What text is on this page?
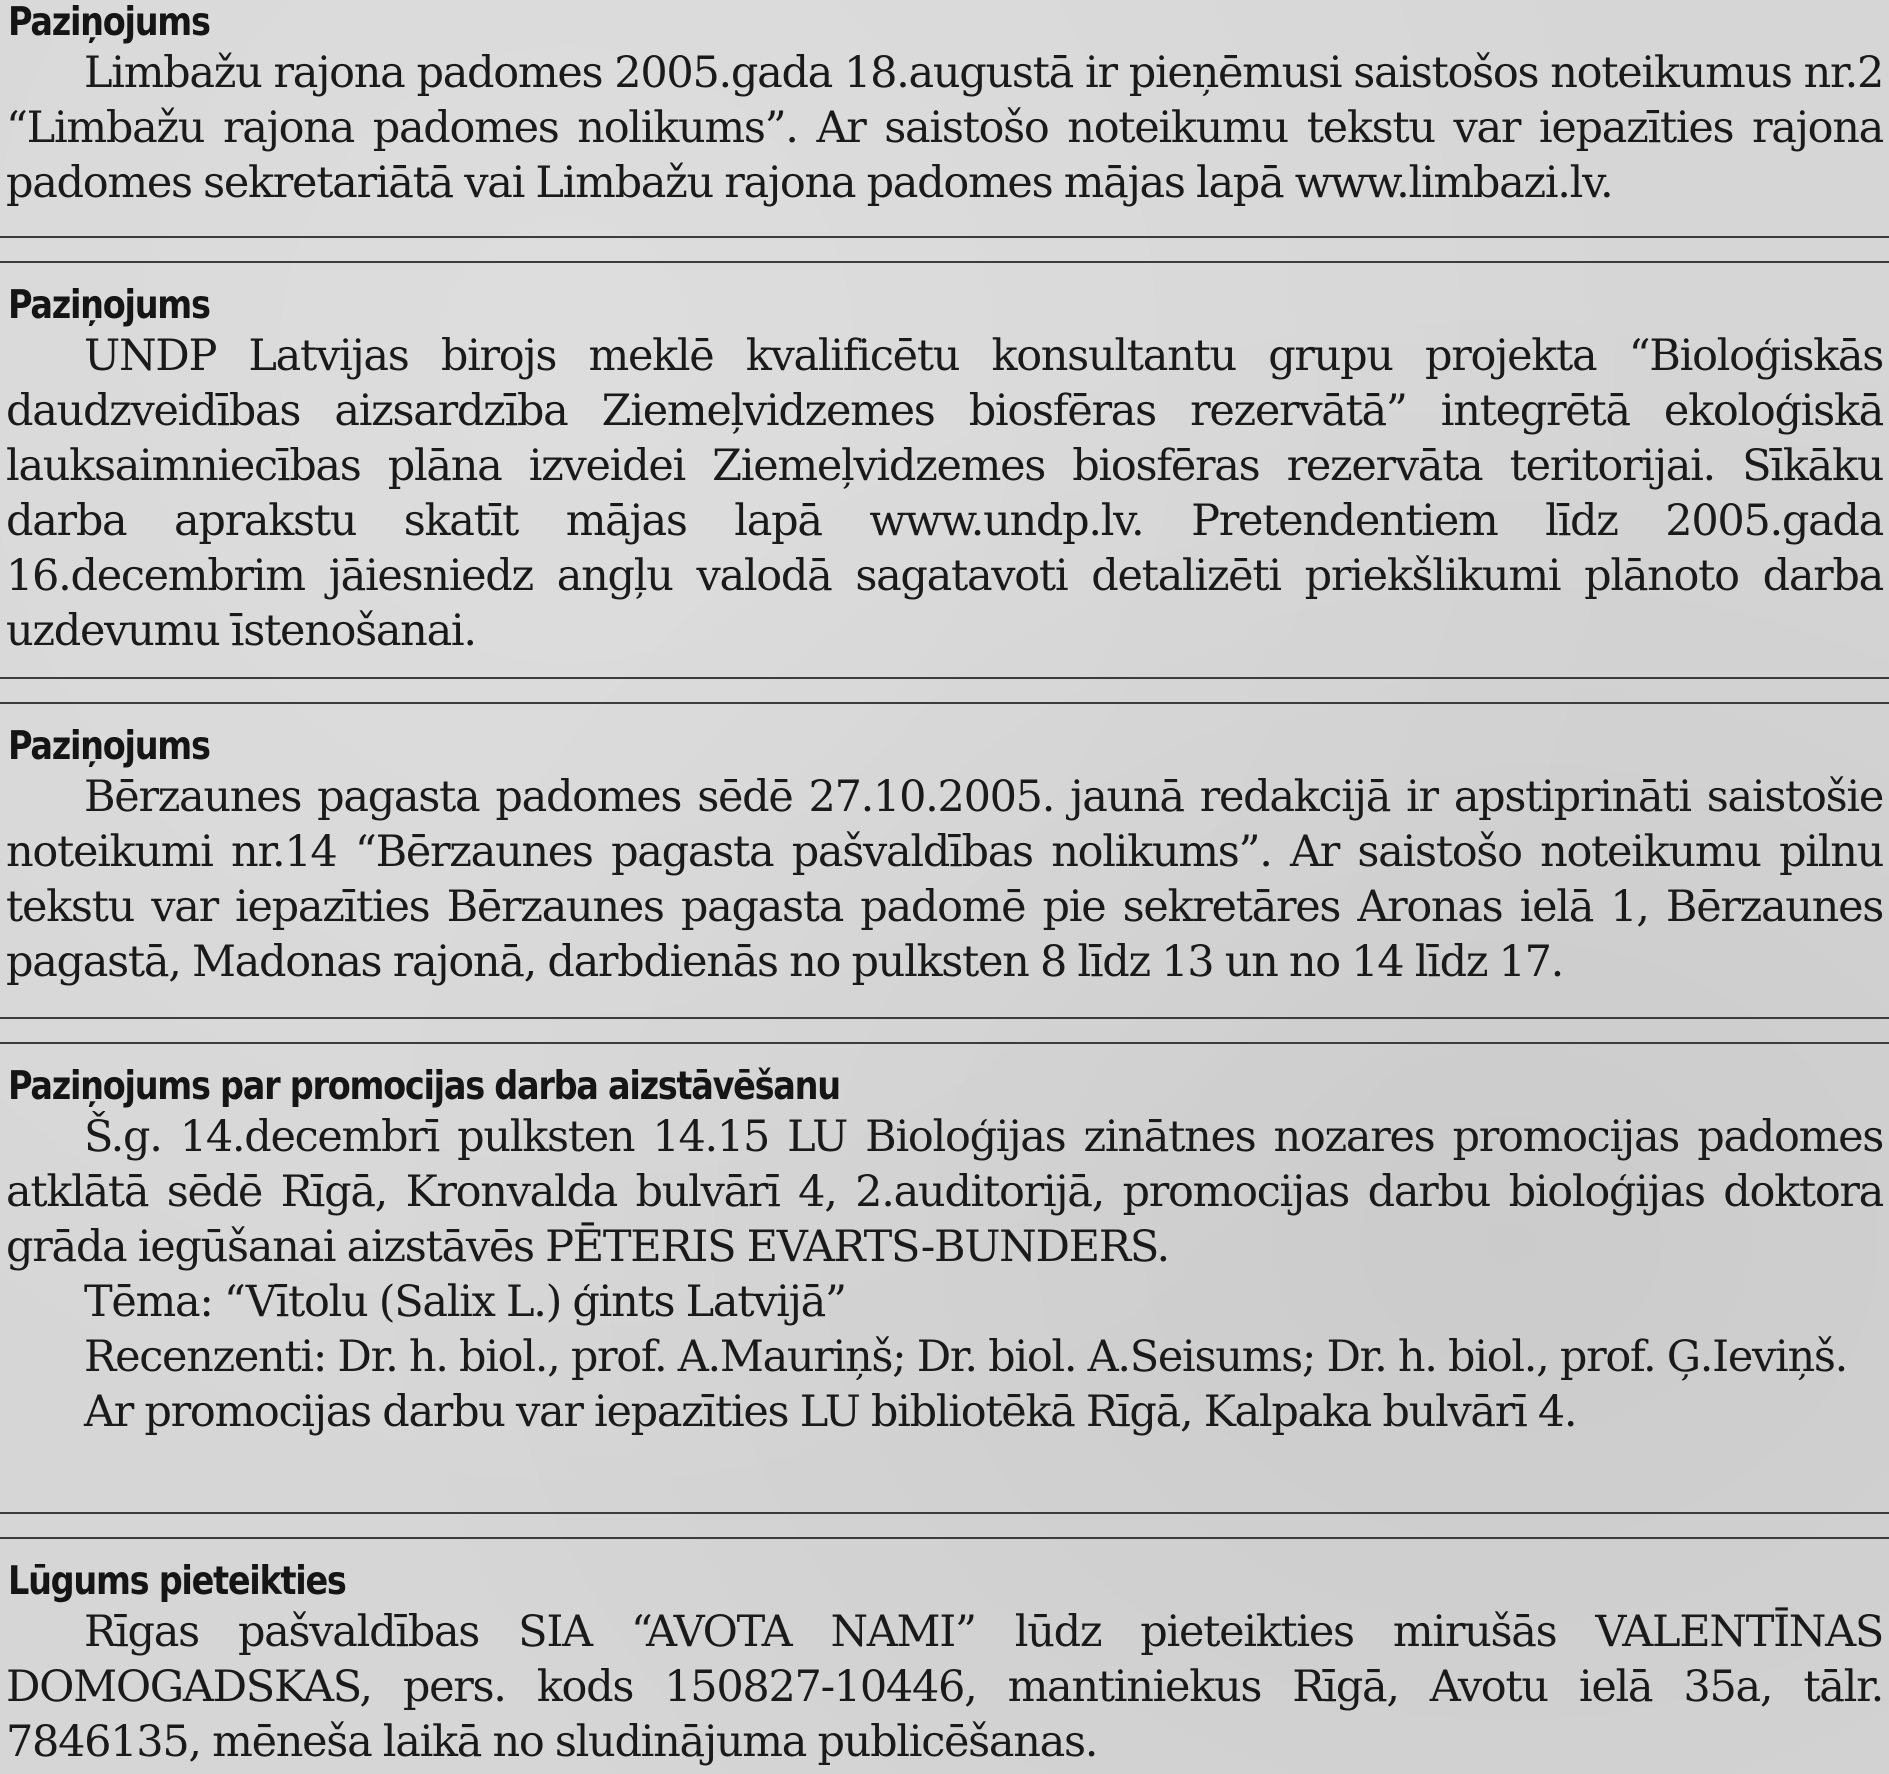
Paziņojums

Limbažu rajona padomes 2005.gada 18.augustā ir pieņēmusi saistošos noteikumus nr.2 “Limbažu rajona padomes nolikums”. Ar saistošo noteikumu tekstu var iepazīties rajona padomes sekretariātā vai Limbažu rajona padomes mājas lapā www.limbazi.lv.

Paziņojums

UNDP Latvijas birojs meklē kvalificētu konsultantu grupu projekta “Bioloģiskās daudzveidības aizsardzība Ziemeļvidzemes biosfēras rezervātā” integrētā ekoloģiskā lauksaimniecības plāna izveidei Ziemeļvidzemes biosfēras rezervāta teritorijai. Sīkāku darba aprakstu skatīt mājas lapā www.undp.lv. Pretendentiem līdz 2005.gada 16.decembrim jāiesniedz angļu valodā sagatavoti detalizēti priekšlikumi plānoto darba uzdevumu īstenošanai.

Paziņojums

Bērzaunes pagasta padomes sēdē 27.10.2005. jaunā redakcijā ir apstiprināti saistošie noteikumi nr.14 “Bērzaunes pagasta pašvaldības nolikums”. Ar saistošo noteikumu pilnu tekstu var iepazīties Bērzaunes pagasta padomē pie sekretāres Aronas ielā 1, Bērzaunes pagastā, Madonas rajonā, darbdienās no pulksten 8 līdz 13 un no 14 līdz 17.

Paziņojums par promocijas darba aizstāvēšanu

Š.g. 14.decembrī pulksten 14.15 LU Bioloģijas zinātnes nozares promocijas padomes atklātā sēdē Rīgā, Kronvalda bulvārī 4, 2.auditorijā, promocijas darbu bioloģijas doktora grāda iegūšanai aizstāvēs PĒTERIS EVARTS-BUNDERS.

Tēma: “Vītolu (Salix L.) ģints Latvijā”

Recenzenti: Dr. h. biol., prof. A.Mauriņš; Dr. biol. A.Seisums; Dr. h. biol., prof. Ģ.Ieviņš.

Ar promocijas darbu var iepazīties LU bibliotēkā Rīgā, Kalpaka bulvārī 4.

Lūgums pieteikties

Rīgas pašvaldības SIA “AVOTA NAMI” lūdz pieteikties mirušās VALENTĪNAS DOMOGADSKAS, pers. kods 150827-10446, mantiniekus Rīgā, Avotu ielā 35a, tālr. 7846135, mēneša laikā no sludinājuma publicēšanas.
